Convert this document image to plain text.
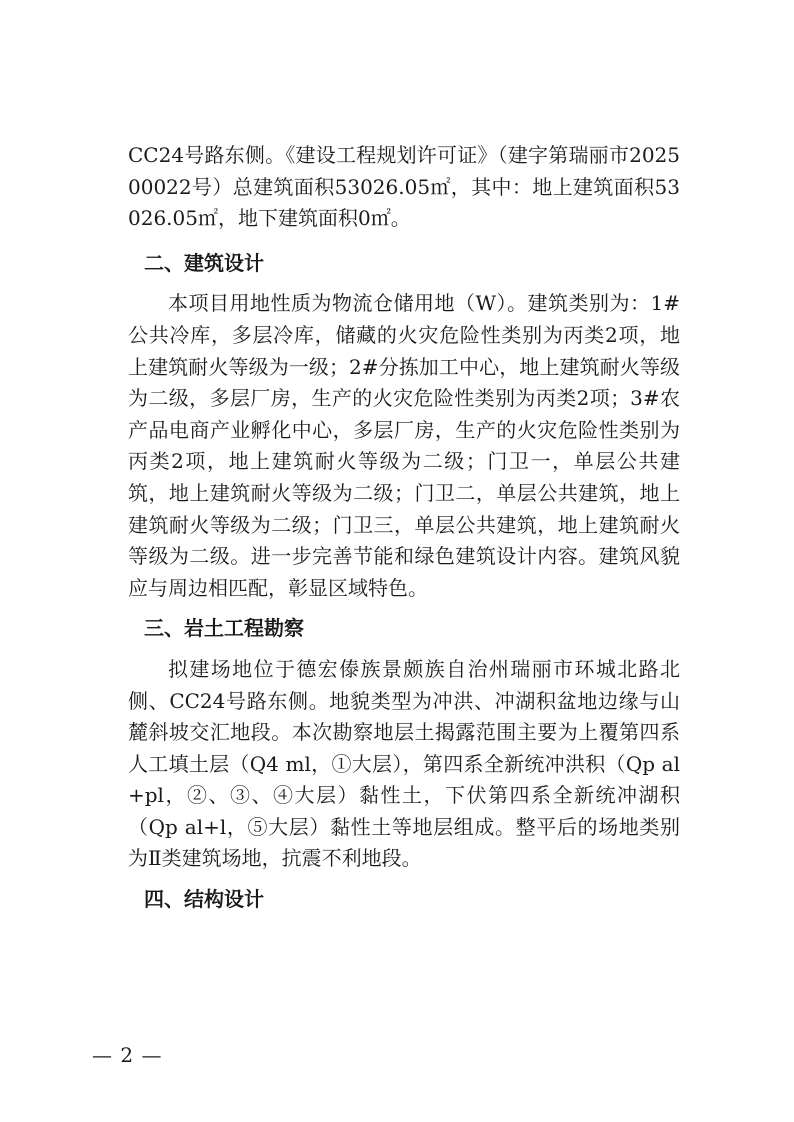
CC24号路东侧。《建设工程规划许可证》（建字第瑞丽市202500022号）总建筑面积53026.05㎡，其中：地上建筑面积53026.05㎡，地下建筑面积0㎡。

二、建筑设计

本项目用地性质为物流仓储用地（W）。建筑类别为：1#公共冷库，多层冷库，储藏的火灾危险性类别为丙类2项，地上建筑耐火等级为一级；2#分拣加工中心，地上建筑耐火等级为二级，多层厂房，生产的火灾危险性类别为丙类2项；3#农产品电商产业孵化中心，多层厂房，生产的火灾危险性类别为丙类2项，地上建筑耐火等级为二级；门卫一，单层公共建筑，地上建筑耐火等级为二级；门卫二，单层公共建筑，地上建筑耐火等级为二级；门卫三，单层公共建筑，地上建筑耐火等级为二级。进一步完善节能和绿色建筑设计内容。建筑风貌应与周边相匹配，彰显区域特色。

三、岩土工程勘察

拟建场地位于德宏傣族景颇族自治州瑞丽市环城北路北侧、CC24号路东侧。地貌类型为冲洪、冲湖积盆地边缘与山麓斜坡交汇地段。本次勘察地层土揭露范围主要为上覆第四系人工填土层（Q4 ml，①大层），第四系全新统冲洪积（Qp al+pl，②、③、④大层）黏性土，下伏第四系全新统冲湖积（Qp al+l，⑤大层）黏性土等地层组成。整平后的场地类别为Ⅱ类建筑场地，抗震不利地段。

四、结构设计
— 2 —
